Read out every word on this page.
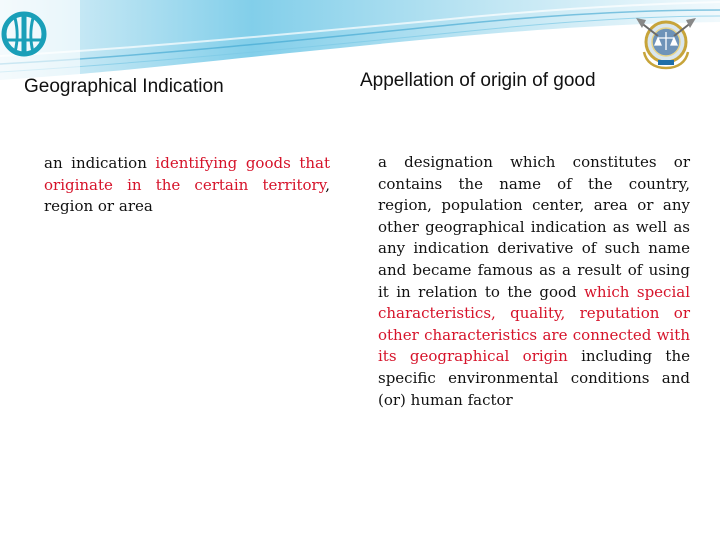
Geographical Indication	Appellation of origin of good
an indication identifying goods that originate in the certain territory, region or area
a designation which constitutes or contains the name of the country, region, population center, area or any other geographical indication as well as any indication derivative of such name and became famous as a result of using it in relation to the good which special characteristics, quality, reputation or other characteristics are connected with its geographical origin including the specific environmental conditions and (or) human factor
